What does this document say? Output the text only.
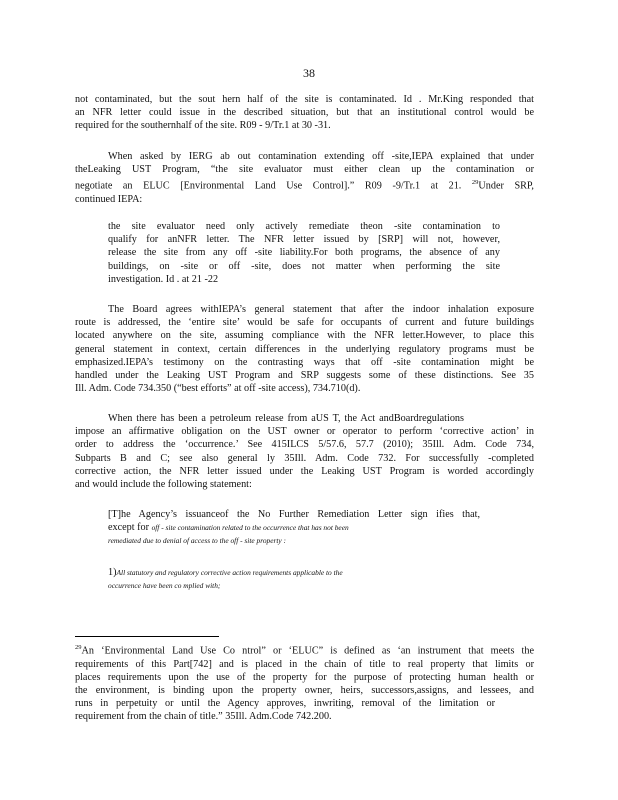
38
not contaminated, but the sout hern half of the site is contaminated. Id . Mr.King responded that
an NFR letter could issue in the described situation, but that an institutional control would be
required for the southernhalf of the site. R09 - 9/Tr.1 at 30 -31.
When asked by IERG ab out contamination extending off -site,IEPA explained that under
theLeaking UST Program, “the site evaluator must either clean up the contamination or
negotiate an ELUC [Environmental Land Use Control].” R09 -9/Tr.1 at 21. $^{29}$Under SRP,
continued IEPA:
the site evaluator need only actively remediate theon -site contamination to
qualify for anNFR letter. The NFR letter issued by [SRP] will not, however,
release the site from any off -site liability.For both programs, the absence of any
buildings, on -site or off -site, does not matter when performing the site
investigation. Id . at 21 -22
The Board agrees withIEPA’s general statement that after the indoor inhalation exposure
route is addressed, the ‘entire site’ would be safe for occupants of current and future buildings
located anywhere on the site, assuming compliance with the NFR letter.However, to place this
general statement in context, certain differences in the underlying regulatory programs must be
emphasized.IEPA’s testimony on the contrasting ways that off -site contamination might be
handled under the Leaking UST Program and SRP suggests some of these distinctions. See 35
Ill. Adm. Code 734.350 (“best efforts” at off -site access), 734.710(d).
When there has been a petroleum release from aUS T, the Act andBoardregulations
impose an affirmative obligation on the UST owner or operator to perform ‘corrective action’ in
order to address the ‘occurrence.’ See 415ILCS 5/57.6, 57.7 (2010); 35Ill. Adm. Code 734,
Subparts B and C; see also general ly 35Ill. Adm. Code 732. For successfully -completed
corrective action, the NFR letter issued under the Leaking UST Program is worded accordingly
and would include the following statement:
[T]he Agency’s issuanceof the No Further Remediation Letter sign ifies that,
except for off - site contamination related to the occurrence that has not been
remediated due to denial of access to the off - site property :
1)All statutory and regulatory corrective action requirements applicable to the
occurrence have been co mplied with;
$^{29}$An ‘Environmental Land Use Co ntrol” or ‘ELUC” is defined as ‘an instrument that meets the
requirements of this Part[742] and is placed in the chain of title to real property that limits or
places requirements upon the use of the property for the purpose of protecting human health or
the environment, is binding upon the property owner, heirs, successors,assigns, and lessees, and
runs in perpetuity or until the Agency approves, inwriting, removal of the limitation or
requirement from the chain of title.” 35Ill. Adm.Code 742.200.
